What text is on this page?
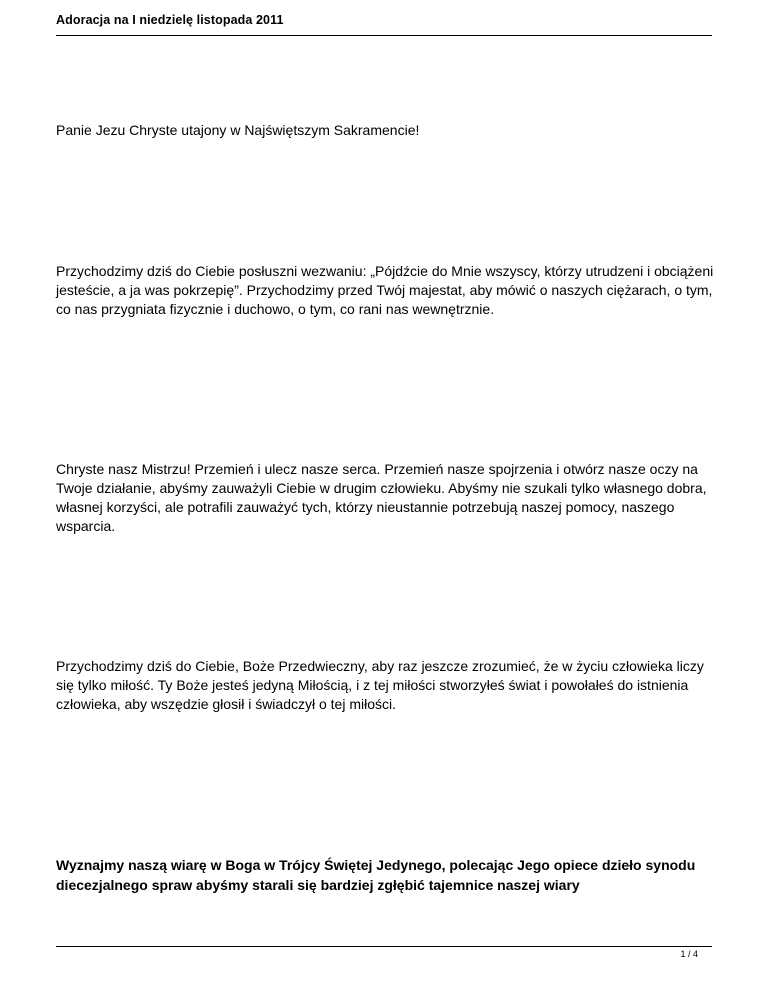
Adoracja na I niedzielę listopada 2011

Panie Jezu Chryste utajony w Najświętszym Sakramencie!

Przychodzimy dziś do Ciebie posłuszni wezwaniu: „Pójdźcie do Mnie wszyscy, którzy utrudzeni i obciążeni jesteście, a ja was pokrzepię”. Przychodzimy przed Twój majestat, aby mówić o naszych ciężarach, o tym, co nas przygniata fizycznie i duchowo, o tym, co rani nas wewnętrznie.

Chryste nasz Mistrzu! Przemień i ulecz nasze serca. Przemień nasze spojrzenia i otwórz nasze oczy na Twoje działanie, abyśmy zauważyli Ciebie w drugim człowieku. Abyśmy nie szukali tylko własnego dobra, własnej korzyści, ale potrafili zauważyć tych, którzy nieustannie potrzebują naszej pomocy, naszego wsparcia.

Przychodzimy dziś do Ciebie, Boże Przedwieczny, aby raz jeszcze zrozumieć, że w życiu człowieka liczy się tylko miłość. Ty Boże jesteś jedyną Miłością, i z tej miłości stworzyłeś świat i powołałeś do istnienia człowieka, aby wszędzie głosił i świadczył o tej miłości.

Wyznajmy naszą wiarę w Boga w Trójcy Świętej Jedynego, polecając Jego opiece dzieło synodu diecezjalnego spraw abyśmy starali się bardziej zgłębić tajemnice naszej wiary

1 / 4
